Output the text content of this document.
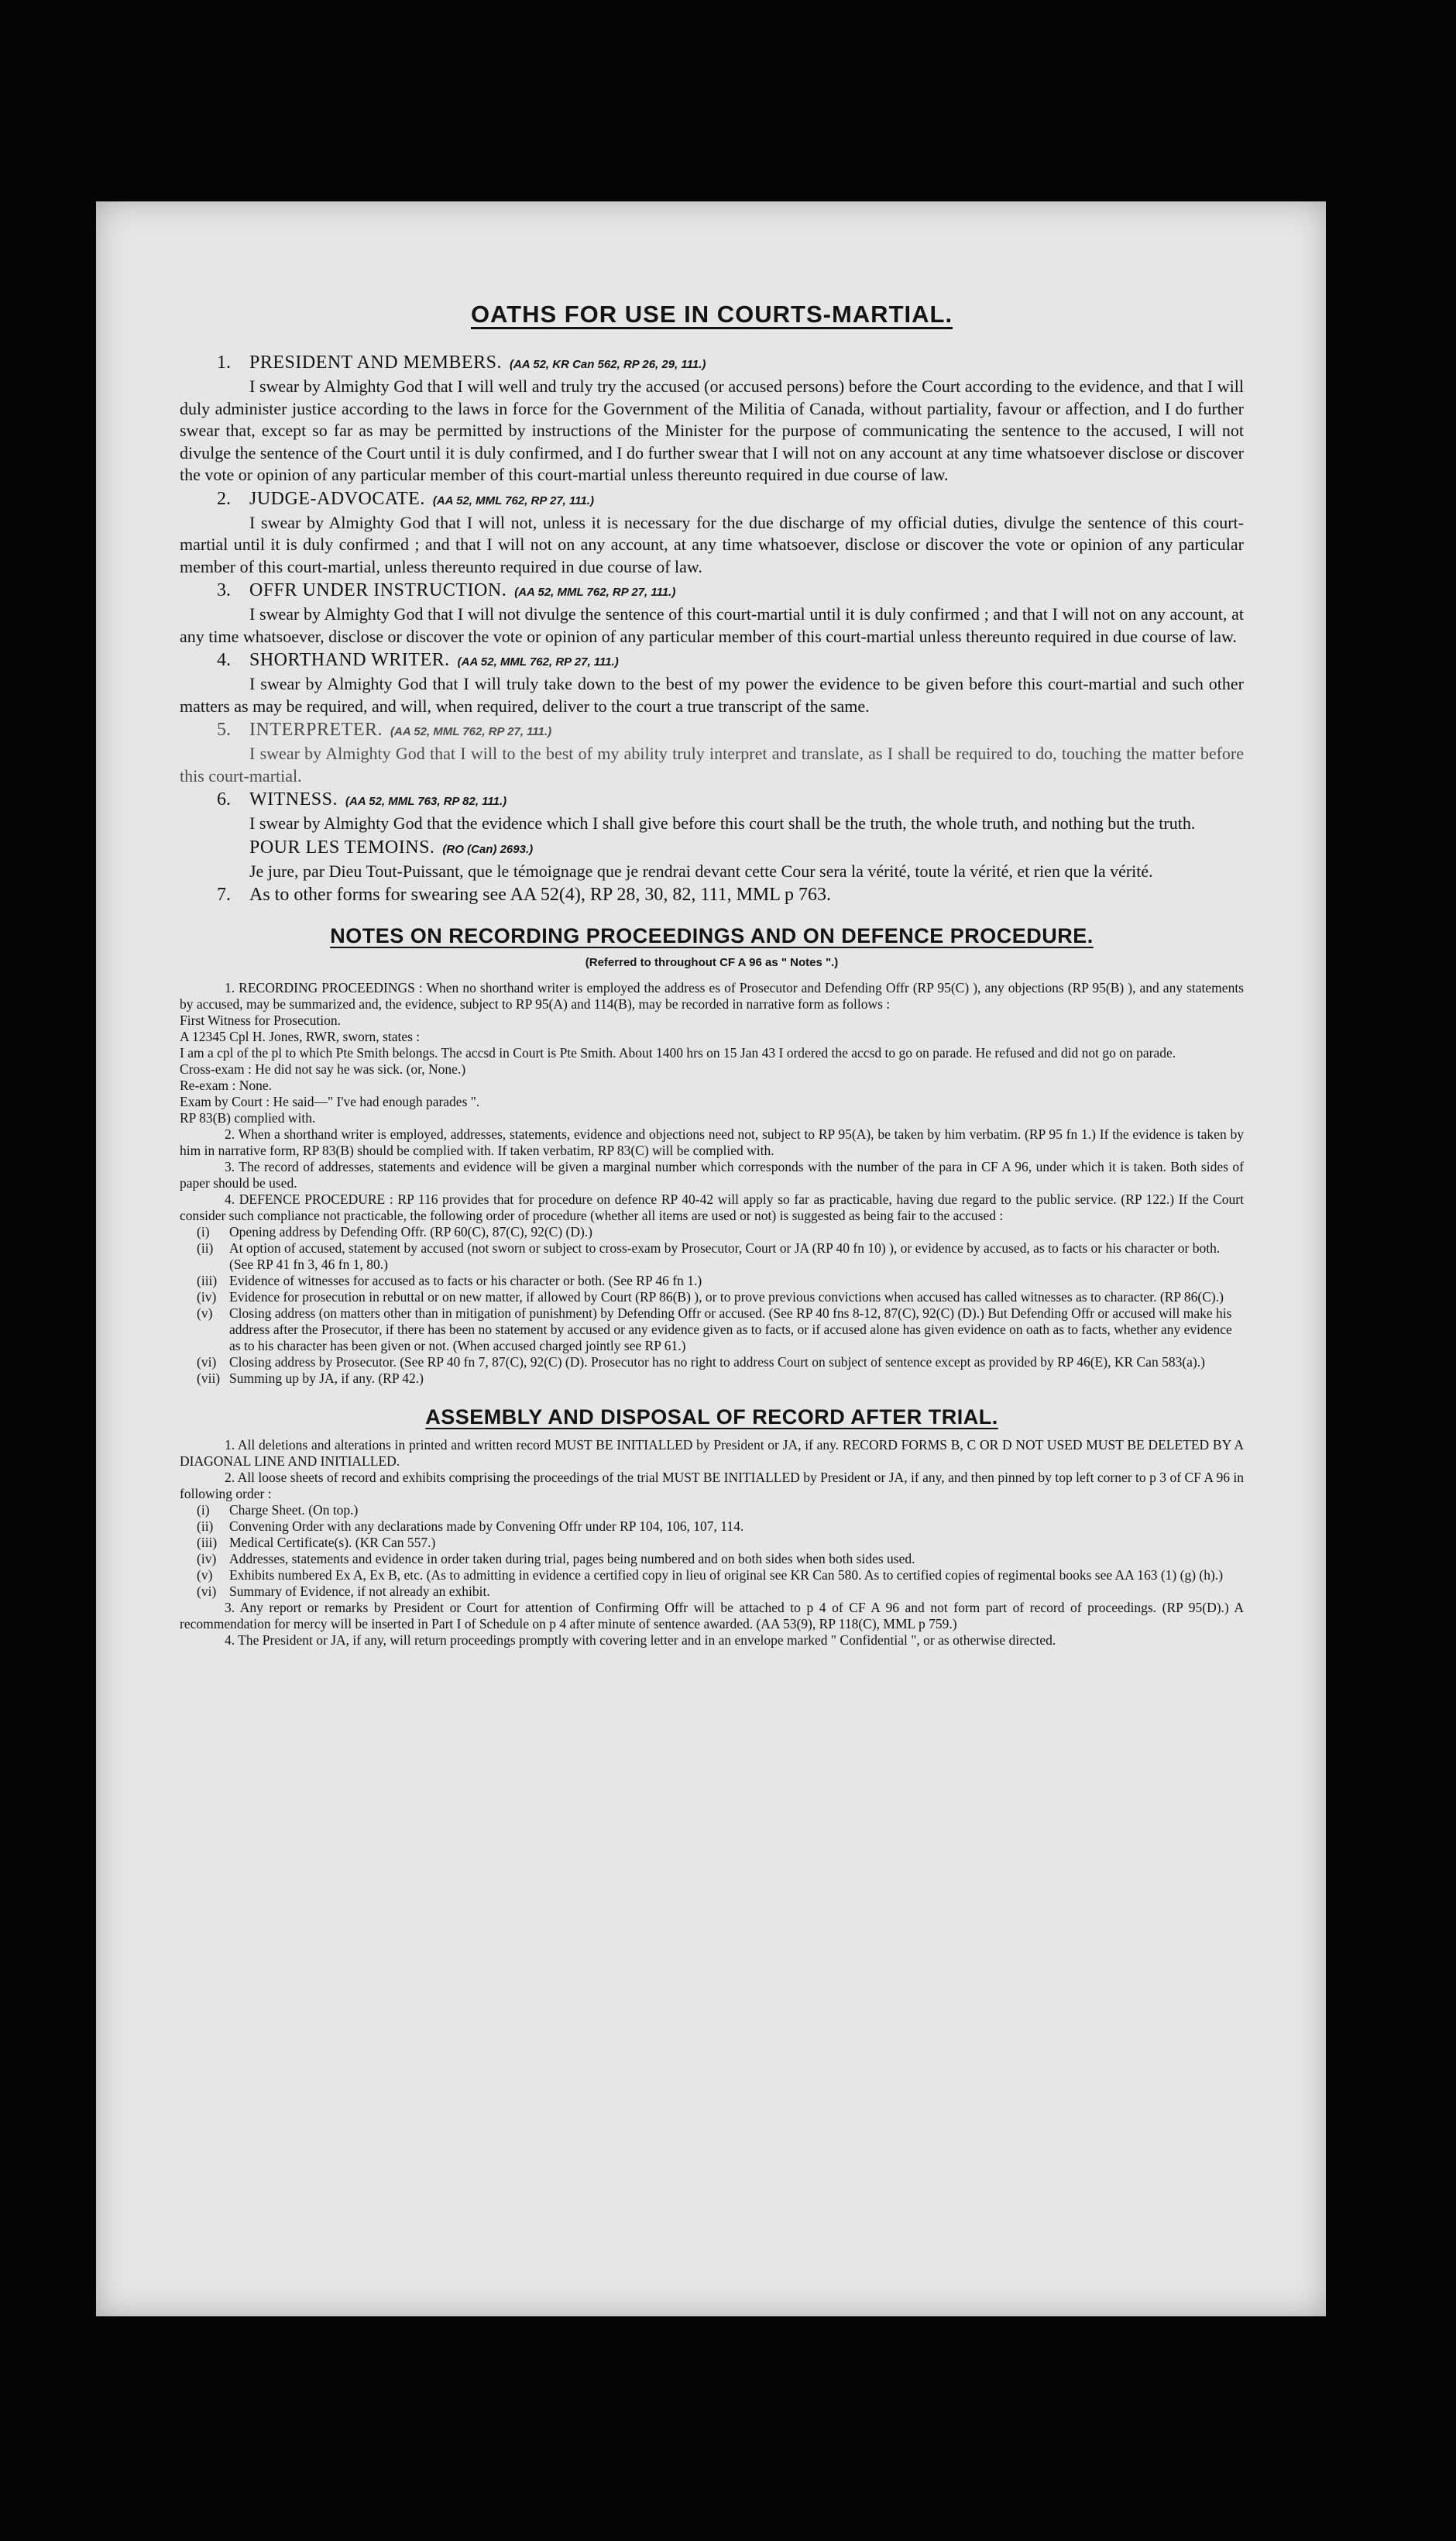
OATHS FOR USE IN COURTS-MARTIAL.
1. PRESIDENT AND MEMBERS. (AA 52, KR Can 562, RP 26, 29, 111.)

I swear by Almighty God that I will well and truly try the accused (or accused persons) before the Court according to the evidence, and that I will duly administer justice according to the laws in force for the Government of the Militia of Canada, without partiality, favour or affection, and I do further swear that, except so far as may be permitted by instructions of the Minister for the purpose of communicating the sentence to the accused, I will not divulge the sentence of the Court until it is duly confirmed, and I do further swear that I will not on any account at any time whatsoever disclose or discover the vote or opinion of any particular member of this court-martial unless thereunto required in due course of law.

2. JUDGE-ADVOCATE. (AA 52, MML 762, RP 27, 111.)

I swear by Almighty God that I will not, unless it is necessary for the due discharge of my official duties, divulge the sentence of this court-martial until it is duly confirmed ; and that I will not on any account, at any time whatsoever, disclose or discover the vote or opinion of any particular member of this court-martial, unless thereunto required in due course of law.

3. OFFR UNDER INSTRUCTION. (AA 52, MML 762, RP 27, 111.)

I swear by Almighty God that I will not divulge the sentence of this court-martial until it is duly confirmed ; and that I will not on any account, at any time whatsoever, disclose or discover the vote or opinion of any particular member of this court-martial unless thereunto required in due course of law.

4. SHORTHAND WRITER. (AA 52, MML 762, RP 27, 111.)

I swear by Almighty God that I will truly take down to the best of my power the evidence to be given before this court-martial and such other matters as may be required, and will, when required, deliver to the court a true transcript of the same.

5. INTERPRETER. (AA 52, MML 762, RP 27, 111.)

I swear by Almighty God that I will to the best of my ability truly interpret and translate, as I shall be required to do, touching the matter before this court-martial.

6. WITNESS. (AA 52, MML 763, RP 82, 111.)

I swear by Almighty God that the evidence which I shall give before this court shall be the truth, the whole truth, and nothing but the truth.

POUR LES TEMOINS. (RO (Can) 2693.)

Je jure, par Dieu Tout-Puissant, que le témoignage que je rendrai devant cette Cour sera la vérité, toute la vérité, et rien que la vérité.

7. As to other forms for swearing see AA 52(4), RP 28, 30, 82, 111, MML p 763.
NOTES ON RECORDING PROCEEDINGS AND ON DEFENCE PROCEDURE.
(Referred to throughout CF A 96 as " Notes ".)

1. RECORDING PROCEEDINGS : When no shorthand writer is employed the address es of Prosecutor and Defending Offr (RP 95(C) ), any objections (RP 95(B) ), and any statements by accused, may be summarized and, the evidence, subject to RP 95(A) and 114(B), may be recorded in narrative form as follows :

First Witness for Prosecution.
A 12345 Cpl H. Jones, RWR, sworn, states :
I am a cpl of the pl to which Pte Smith belongs. The accsd in Court is Pte Smith. About 1400 hrs on 15 Jan 43 I ordered the accsd to go on parade. He refused and did not go on parade.
Cross-exam : He did not say he was sick. (or, None.)
Re-exam : None.
Exam by Court : He said—" I've had enough parades ".
RP 83(B) complied with.

2. When a shorthand writer is employed, addresses, statements, evidence and objections need not, subject to RP 95(A), be taken by him verbatim. (RP 95 fn 1.) If the evidence is taken by him in narrative form, RP 83(B) should be complied with. If taken verbatim, RP 83(C) will be complied with.

3. The record of addresses, statements and evidence will be given a marginal number which corresponds with the number of the para in CF A 96, under which it is taken. Both sides of paper should be used.

4. DEFENCE PROCEDURE : RP 116 provides that for procedure on defence RP 40-42 will apply so far as practicable, having due regard to the public service. (RP 122.) If the Court consider such compliance not practicable, the following order of procedure (whether all items are used or not) is suggested as being fair to the accused :

(i) Opening address by Defending Offr. (RP 60(C), 87(C), 92(C) (D).)

(ii) At option of accused, statement by accused (not sworn or subject to cross-exam by Prosecutor, Court or JA (RP 40 fn 10) ), or evidence by accused, as to facts or his character or both. (See RP 41 fn 3, 46 fn 1, 80.)

(iii) Evidence of witnesses for accused as to facts or his character or both. (See RP 46 fn 1.)

(iv) Evidence for prosecution in rebuttal or on new matter, if allowed by Court (RP 86(B) ), or to prove previous convictions when accused has called witnesses as to character. (RP 86(C).)

(v) Closing address (on matters other than in mitigation of punishment) by Defending Offr or accused. (See RP 40 fns 8-12, 87(C), 92(C) (D).) But Defending Offr or accused will make his address after the Prosecutor, if there has been no statement by accused or any evidence given as to facts, or if accused alone has given evidence on oath as to facts, whether any evidence as to his character has been given or not. (When accused charged jointly see RP 61.)

(vi) Closing address by Prosecutor. (See RP 40 fn 7, 87(C), 92(C) (D). Prosecutor has no right to address Court on subject of sentence except as provided by RP 46(E), KR Can 583(a).)

(vii) Summing up by JA, if any. (RP 42.)

ASSEMBLY AND DISPOSAL OF RECORD AFTER TRIAL.

1. All deletions and alterations in printed and written record MUST BE INITIALLED by President or JA, if any. RECORD FORMS B, C OR D NOT USED MUST BE DELETED BY A DIAGONAL LINE AND INITIALLED.

2. All loose sheets of record and exhibits comprising the proceedings of the trial MUST BE INITIALLED by President or JA, if any, and then pinned by top left corner to p 3 of CF A 96 in following order :

(i) Charge Sheet. (On top.)

(ii) Convening Order with any declarations made by Convening Offr under RP 104, 106, 107, 114.

(iii) Medical Certificate(s). (KR Can 557.)

(iv) Addresses, statements and evidence in order taken during trial, pages being numbered and on both sides when both sides used.

(v) Exhibits numbered Ex A, Ex B, etc. (As to admitting in evidence a certified copy in lieu of original see KR Can 580. As to certified copies of regimental books see AA 163 (1) (g) (h).)

(vi) Summary of Evidence, if not already an exhibit.

3. Any report or remarks by President or Court for attention of Confirming Offr will be attached to p 4 of CF A 96 and not form part of record of proceedings. (RP 95(D).) A recommendation for mercy will be inserted in Part I of Schedule on p 4 after minute of sentence awarded. (AA 53(9), RP 118(C), MML p 759.)

4. The President or JA, if any, will return proceedings promptly with covering letter and in an envelope marked " Confidential ", or as otherwise directed.
